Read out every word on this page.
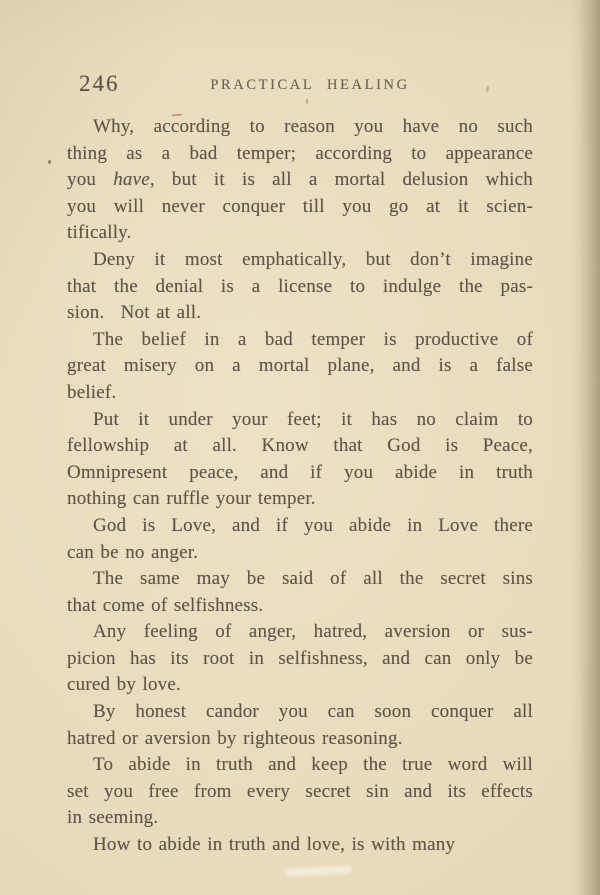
246	PRACTICAL HEALING
Why, according to reason you have no such
thing as a bad temper; according to appearance
you have, but it is all a mortal delusion which
you will never conquer till you go at it scien-
tifically.
Deny it most emphatically, but don’t imagine
that the denial is a license to indulge the pas-
sion.  Not at all.
The belief in a bad temper is productive of
great misery on a mortal plane, and is a false
belief.
Put it under your feet; it has no claim to
fellowship at all. Know that God is Peace,
Omnipresent peace, and if you abide in truth
nothing can ruffle your temper.
God is Love, and if you abide in Love there
can be no anger.
The same may be said of all the secret sins
that come of selfishness.
Any feeling of anger, hatred, aversion or sus-
picion has its root in selfishness, and can only be
cured by love.
By honest candor you can soon conquer all
hatred or aversion by righteous reasoning.
To abide in truth and keep the true word will
set you free from every secret sin and its effects
in seeming.
How to abide in truth and love, is with many
